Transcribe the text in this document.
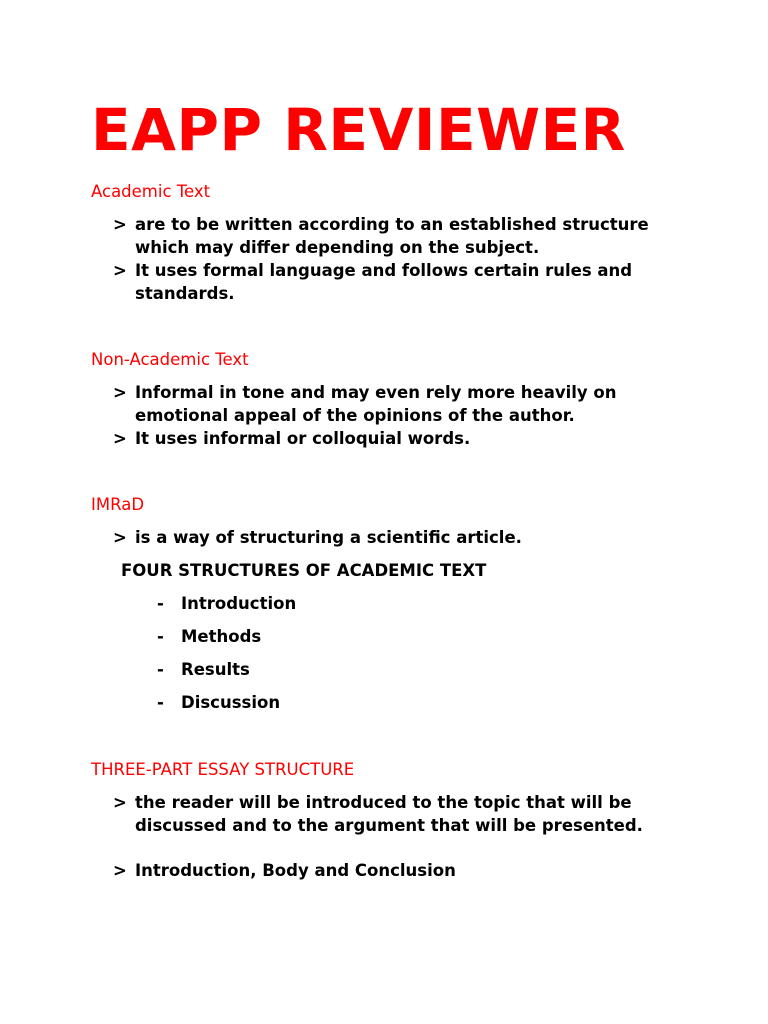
EAPP REVIEWER
Academic Text
> are to be written according to an established structure which may differ depending on the subject.
> It uses formal language and follows certain rules and standards.
Non-Academic Text
> Informal in tone and may even rely more heavily on emotional appeal of the opinions of the author.
> It uses informal or colloquial words.
IMRaD
> is a way of structuring a scientific article.
FOUR STRUCTURES OF ACADEMIC TEXT
- Introduction
- Methods
- Results
- Discussion
THREE-PART ESSAY STRUCTURE
> the reader will be introduced to the topic that will be discussed and to the argument that will be presented.
> Introduction, Body and Conclusion
